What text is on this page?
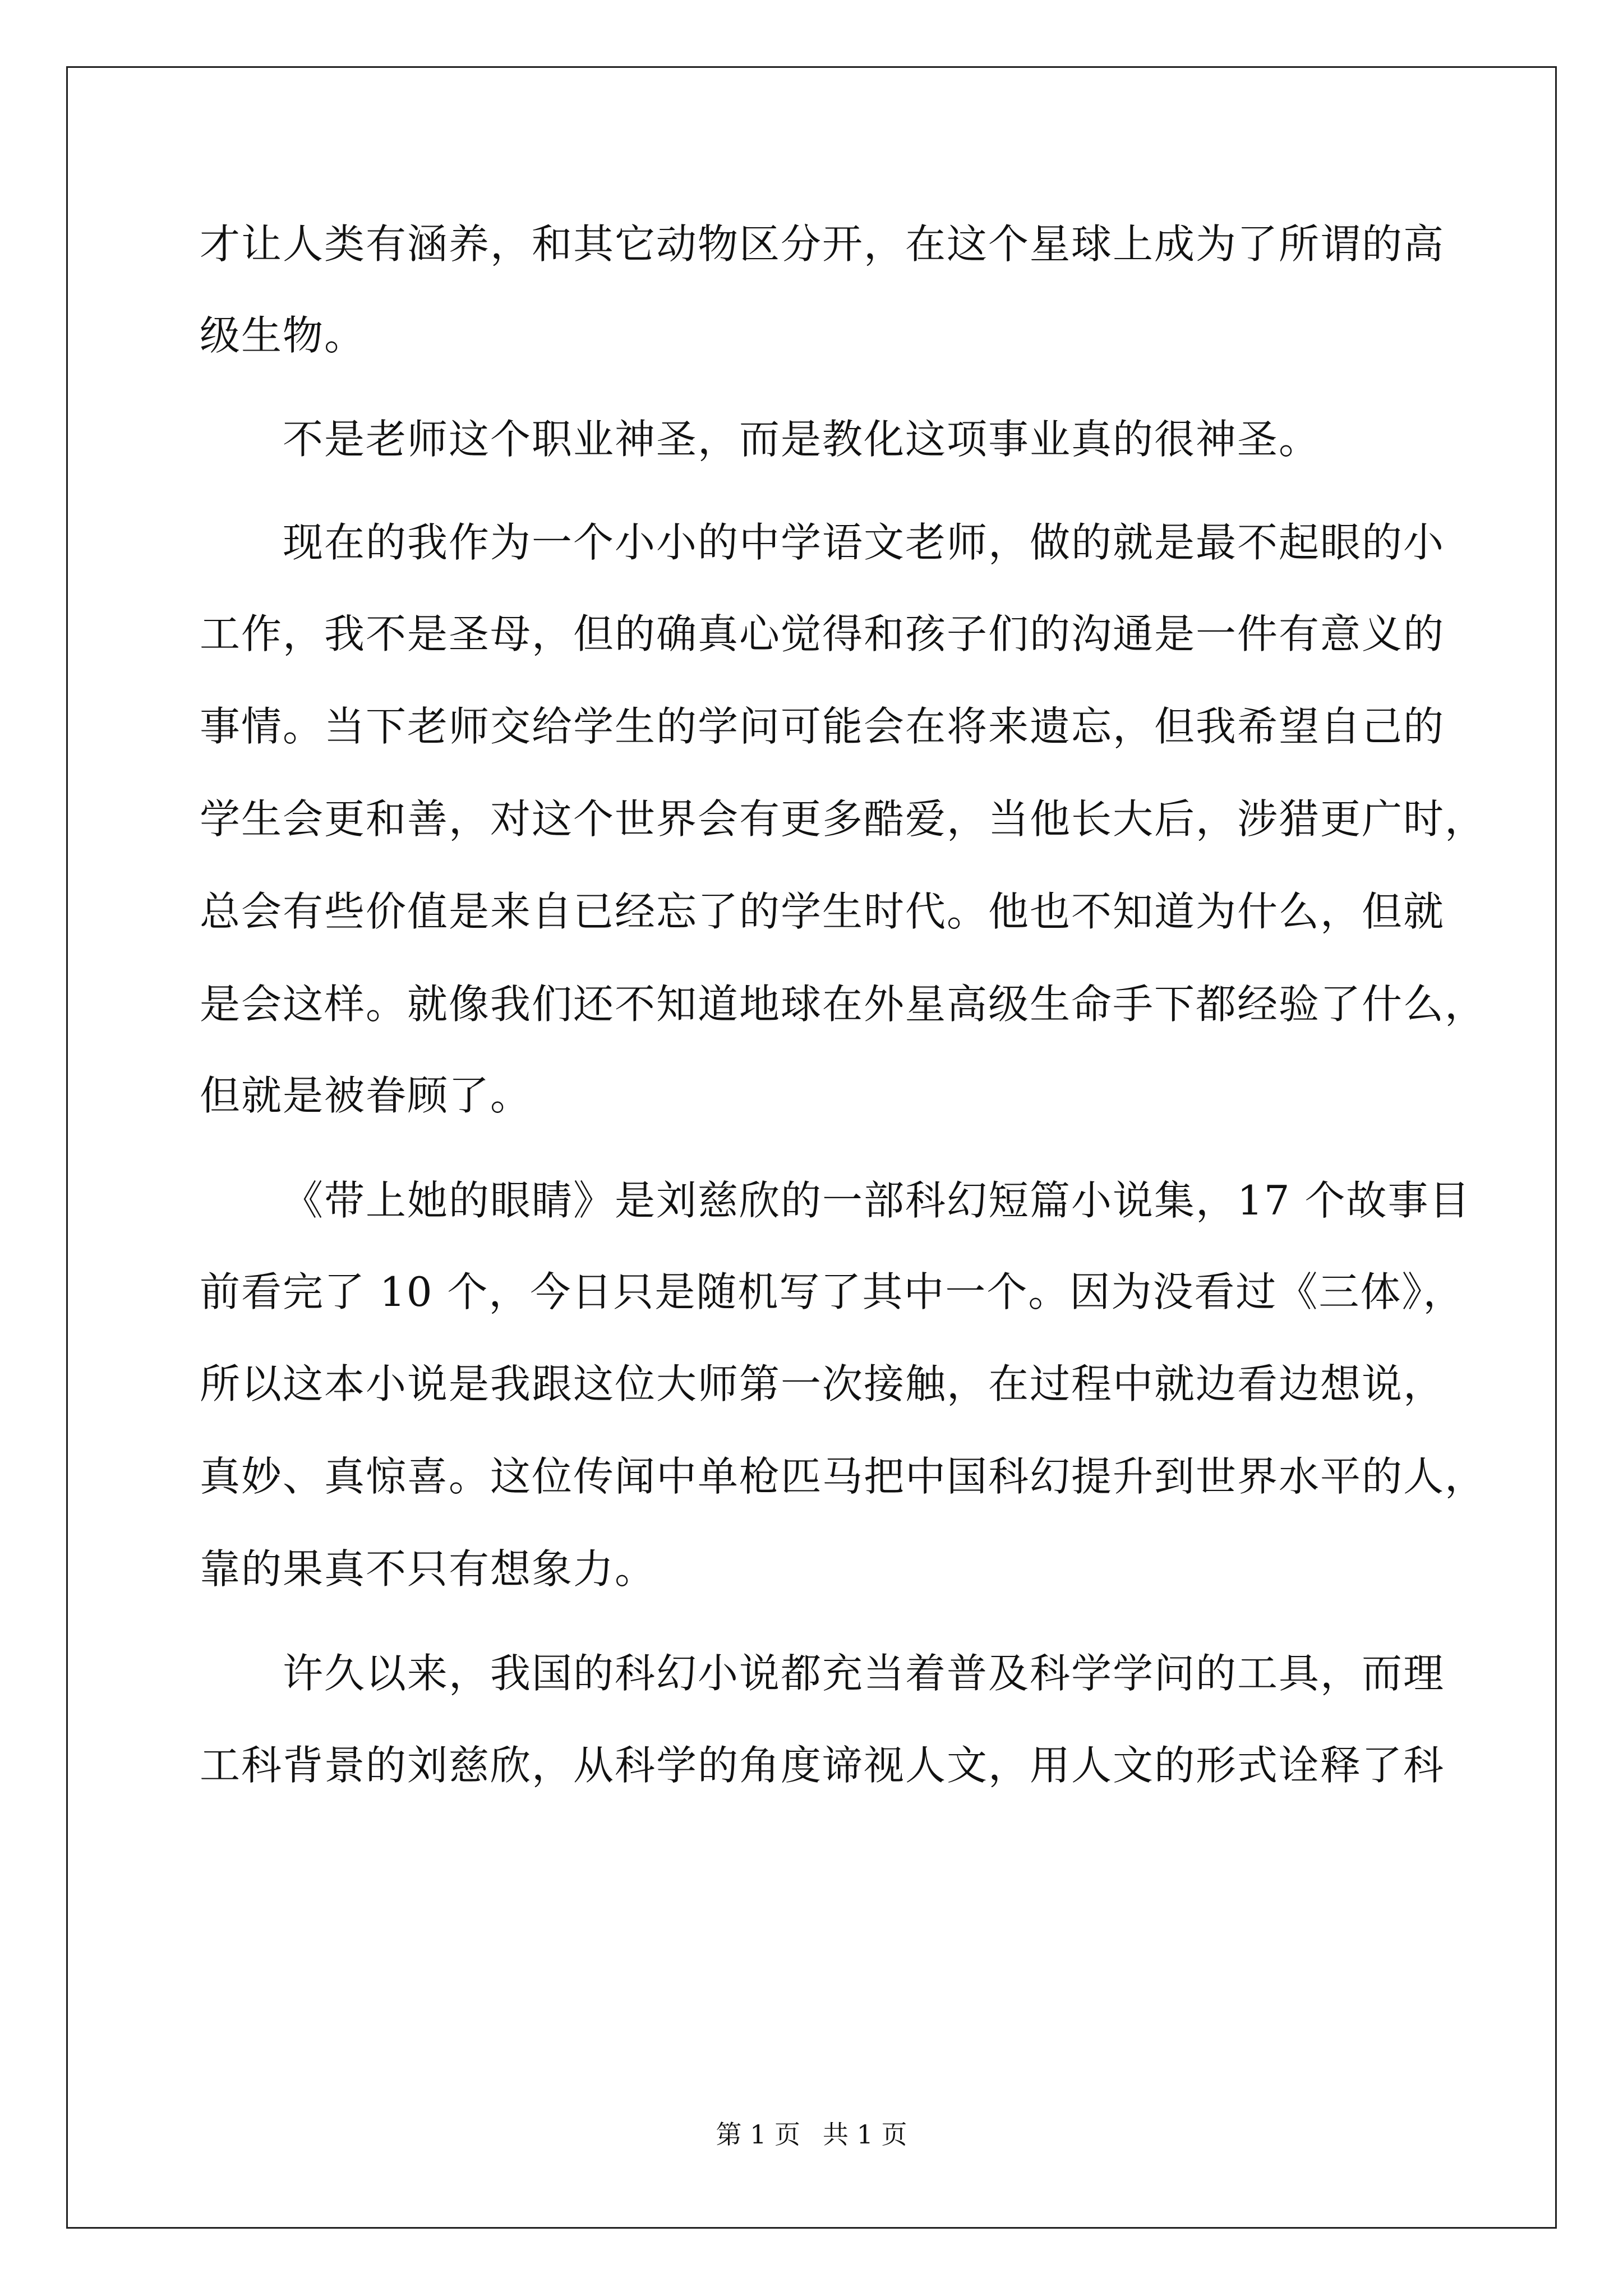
才让人类有涵养，和其它动物区分开，在这个星球上成为了所谓的高
级生物。
不是老师这个职业神圣，而是教化这项事业真的很神圣。
现在的我作为一个小小的中学语文老师，做的就是最不起眼的小
工作，我不是圣母，但的确真心觉得和孩子们的沟通是一件有意义的
事情。当下老师交给学生的学问可能会在将来遗忘，但我希望自己的
学生会更和善，对这个世界会有更多酷爱，当他长大后，涉猎更广时，
总会有些价值是来自已经忘了的学生时代。他也不知道为什么，但就
是会这样。就像我们还不知道地球在外星高级生命手下都经验了什么，
但就是被眷顾了。
《带上她的眼睛》是刘慈欣的一部科幻短篇小说集，17 个故事目
前看完了 10 个，今日只是随机写了其中一个。因为没看过《三体》，
所以这本小说是我跟这位大师第一次接触，在过程中就边看边想说，
真妙、真惊喜。这位传闻中单枪匹马把中国科幻提升到世界水平的人，
靠的果真不只有想象力。
许久以来，我国的科幻小说都充当着普及科学学问的工具，而理
工科背景的刘慈欣，从科学的角度谛视人文，用人文的形式诠释了科
第 1 页 共 1 页
